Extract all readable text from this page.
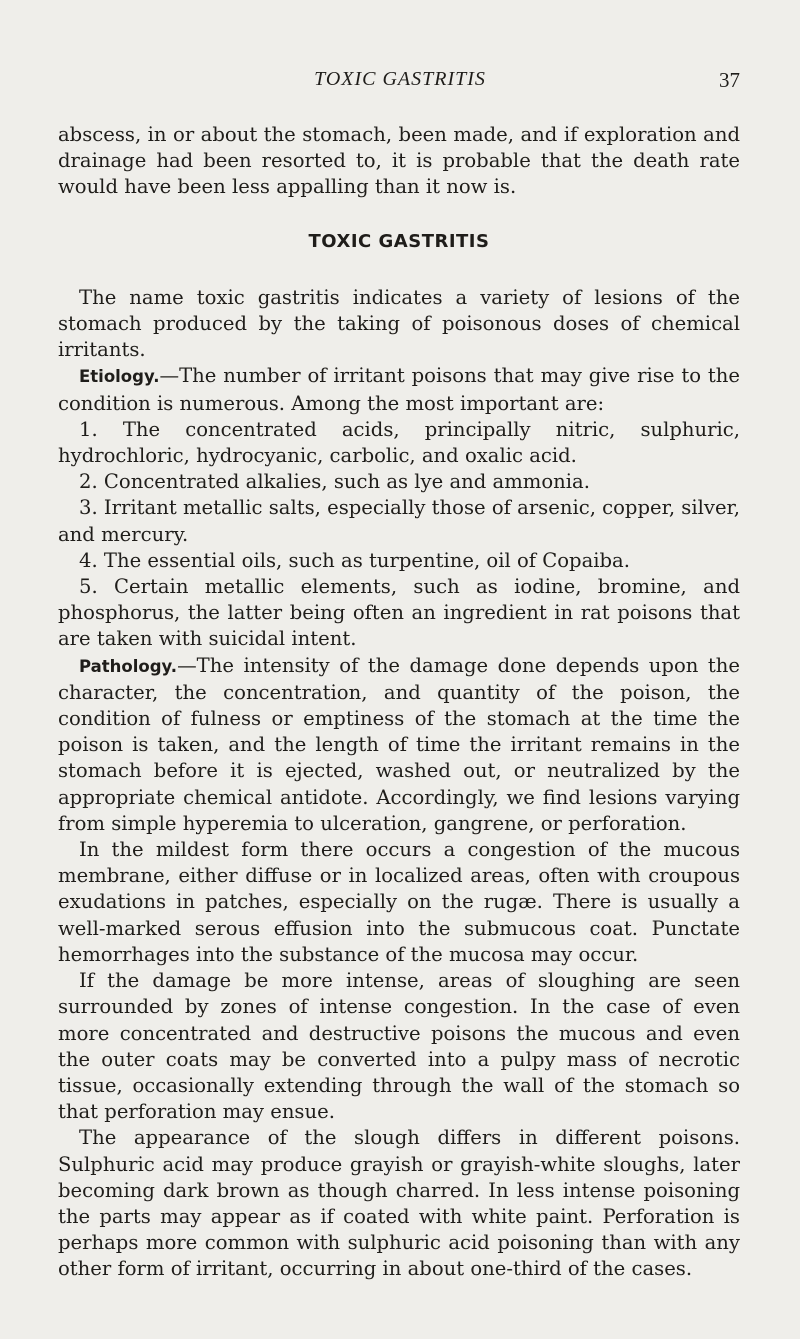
TOXIC GASTRITIS	37

abscess, in or about the stomach, been made, and if exploration and drainage had been resorted to, it is probable that the death rate would have been less appalling than it now is.

TOXIC GASTRITIS

The name toxic gastritis indicates a variety of lesions of the stomach produced by the taking of poisonous doses of chemical irritants.

Etiology.—The number of irritant poisons that may give rise to the condition is numerous. Among the most important are:

1. The concentrated acids, principally nitric, sulphuric, hydrochloric, hydrocyanic, carbolic, and oxalic acid.

2. Concentrated alkalies, such as lye and ammonia.

3. Irritant metallic salts, especially those of arsenic, copper, silver, and mercury.

4. The essential oils, such as turpentine, oil of Copaiba.

5. Certain metallic elements, such as iodine, bromine, and phosphorus, the latter being often an ingredient in rat poisons that are taken with suicidal intent.

Pathology.—The intensity of the damage done depends upon the character, the concentration, and quantity of the poison, the condition of fulness or emptiness of the stomach at the time the poison is taken, and the length of time the irritant remains in the stomach before it is ejected, washed out, or neutralized by the appropriate chemical antidote. Accordingly, we find lesions varying from simple hyperemia to ulceration, gangrene, or perforation.

In the mildest form there occurs a congestion of the mucous membrane, either diffuse or in localized areas, often with croupous exudations in patches, especially on the rugæ. There is usually a well-marked serous effusion into the submucous coat. Punctate hemorrhages into the substance of the mucosa may occur.

If the damage be more intense, areas of sloughing are seen surrounded by zones of intense congestion. In the case of even more concentrated and destructive poisons the mucous and even the outer coats may be converted into a pulpy mass of necrotic tissue, occasionally extending through the wall of the stomach so that perforation may ensue.

The appearance of the slough differs in different poisons. Sulphuric acid may produce grayish or grayish-white sloughs, later becoming dark brown as though charred. In less intense poisoning the parts may appear as if coated with white paint. Perforation is perhaps more common with sulphuric acid poisoning than with any other form of irritant, occurring in about one-third of the cases.
